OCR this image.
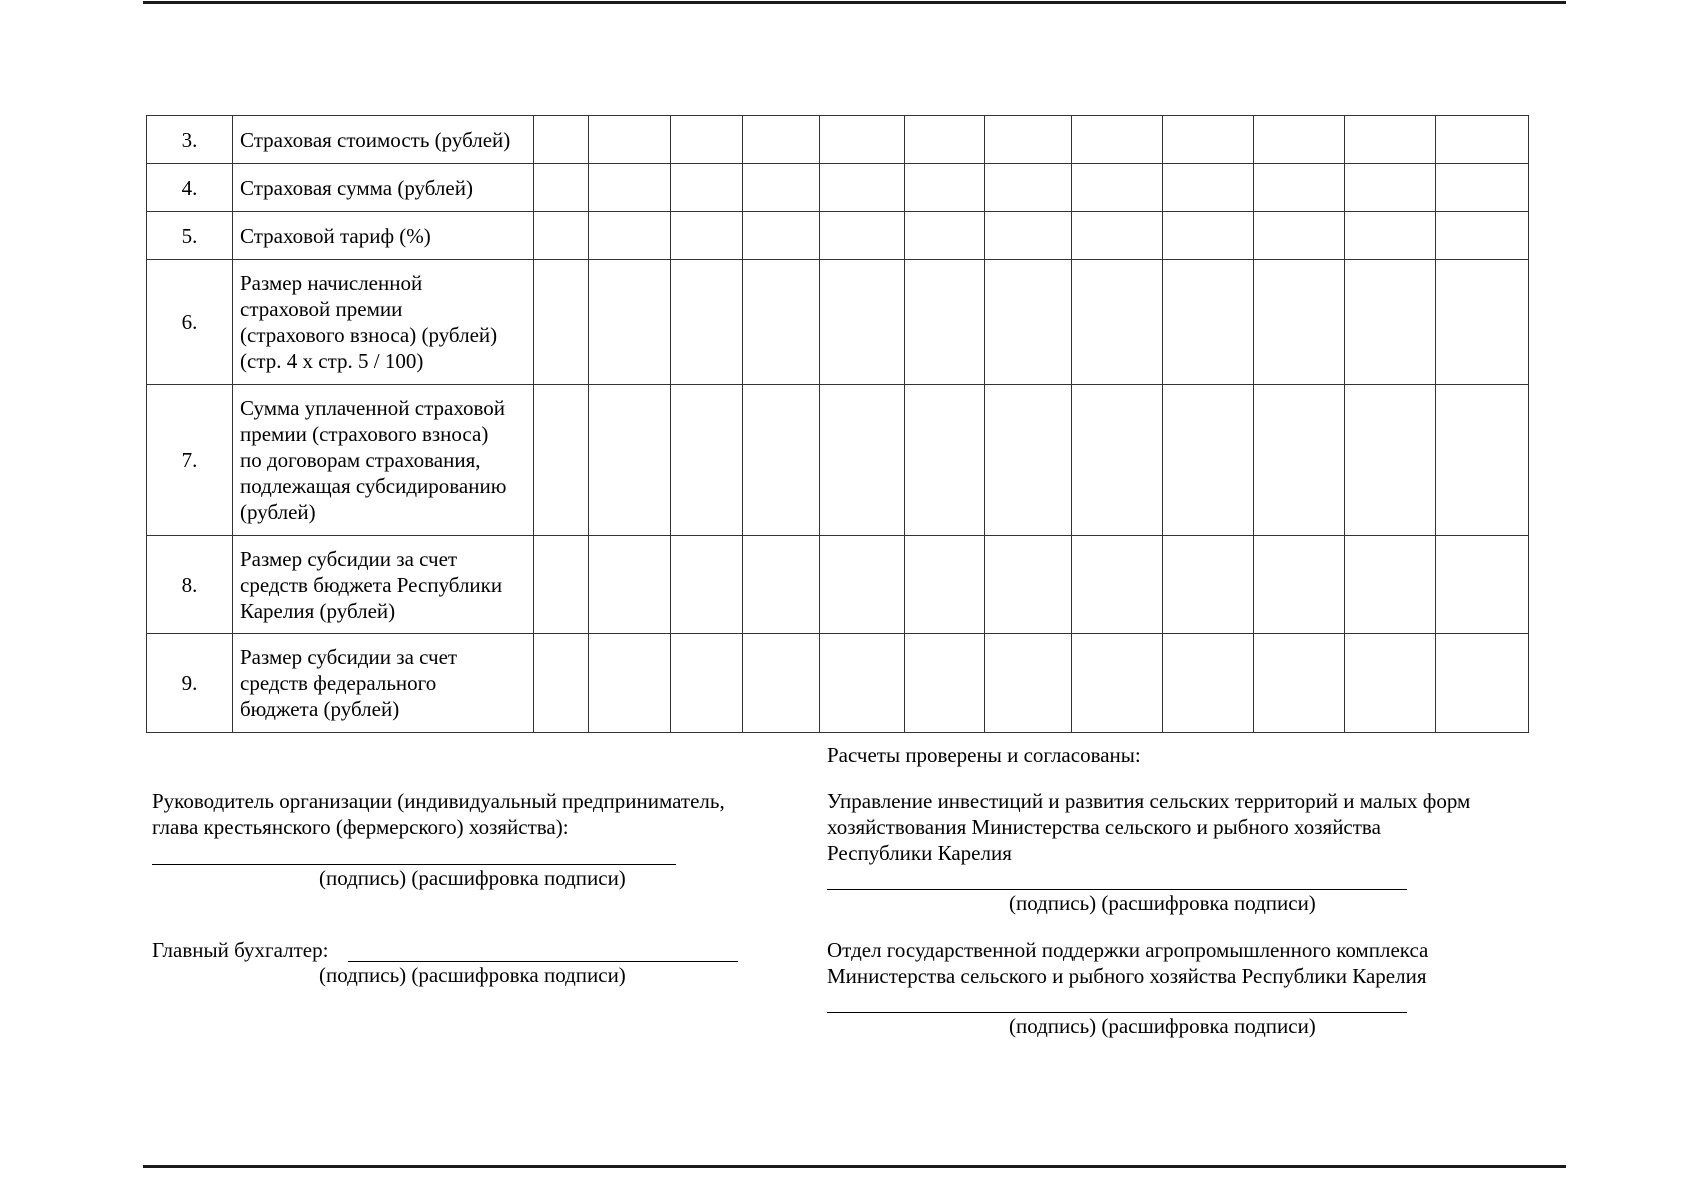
3.	Страховая стоимость (рублей)												

4.	Страховая сумма (рублей)												

5.	Страховой тариф (%)												

6.	Размер начисленной
страховой премии
(страхового взноса) (рублей)
(стр. 4 x стр. 5 / 100)												

7.	Сумма уплаченной страховой
премии (страхового взноса)
по договорам страхования,
подлежащая субсидированию
(рублей)												

8.	Размер субсидии за счет
средств бюджета Республики
Карелия (рублей)												

9.	Размер субсидии за счет
средств федерального
бюджета (рублей)												

Расчеты проверены и согласованы:
Руководитель организации (индивидуальный предприниматель,
глава крестьянского (фермерского) хозяйства):
(подпись) (расшифровка подписи)
Главный бухгалтер:
(подпись) (расшифровка подписи)
Управление инвестиций и развития сельских территорий и малых форм
хозяйствования Министерства сельского и рыбного хозяйства
Республики Карелия
(подпись) (расшифровка подписи)
Отдел государственной поддержки агропромышленного комплекса
Министерства сельского и рыбного хозяйства Республики Карелия
(подпись) (расшифровка подписи)
